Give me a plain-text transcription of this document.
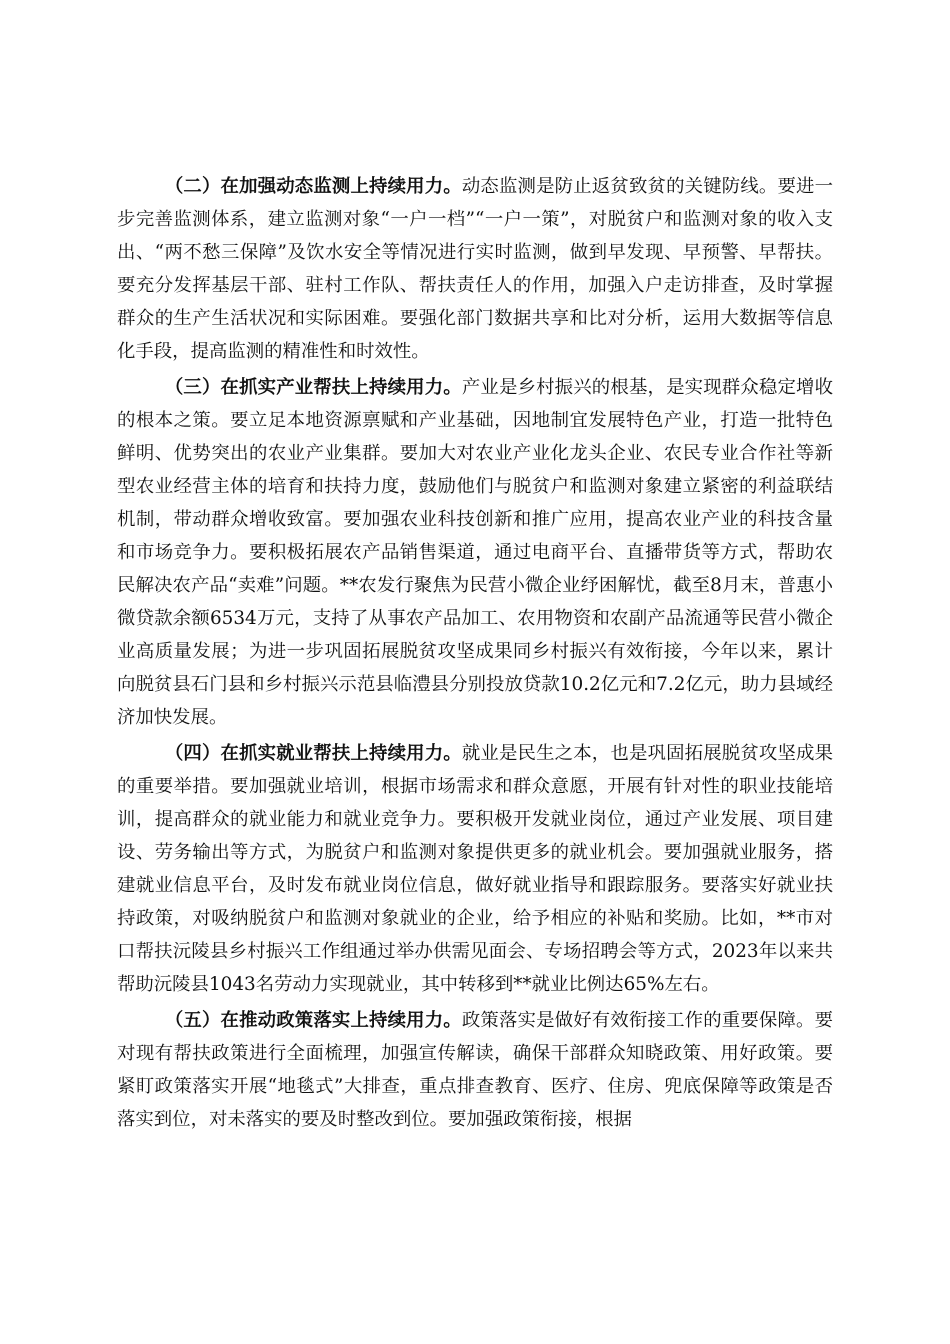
（二）在加强动态监测上持续用力。动态监测是防止返贫致贫的关键防线。要进一步完善监测体系，建立监测对象“一户一档”“一户一策”，对脱贫户和监测对象的收入支出、“两不愁三保障”及饮水安全等情况进行实时监测，做到早发现、早预警、早帮扶。要充分发挥基层干部、驻村工作队、帮扶责任人的作用，加强入户走访排查，及时掌握群众的生产生活状况和实际困难。要强化部门数据共享和比对分析，运用大数据等信息化手段，提高监测的精准性和时效性。

（三）在抓实产业帮扶上持续用力。产业是乡村振兴的根基，是实现群众稳定增收的根本之策。要立足本地资源禀赋和产业基础，因地制宜发展特色产业，打造一批特色鲜明、优势突出的农业产业集群。要加大对农业产业化龙头企业、农民专业合作社等新型农业经营主体的培育和扶持力度，鼓励他们与脱贫户和监测对象建立紧密的利益联结机制，带动群众增收致富。要加强农业科技创新和推广应用，提高农业产业的科技含量和市场竞争力。要积极拓展农产品销售渠道，通过电商平台、直播带货等方式，帮助农民解决农产品“卖难”问题。**农发行聚焦为民营小微企业纾困解忧，截至8月末，普惠小微贷款余额6534万元，支持了从事农产品加工、农用物资和农副产品流通等民营小微企业高质量发展；为进一步巩固拓展脱贫攻坚成果同乡村振兴有效衔接，今年以来，累计向脱贫县石门县和乡村振兴示范县临澧县分别投放贷款10.2亿元和7.2亿元，助力县域经济加快发展。

（四）在抓实就业帮扶上持续用力。就业是民生之本，也是巩固拓展脱贫攻坚成果的重要举措。要加强就业培训，根据市场需求和群众意愿，开展有针对性的职业技能培训，提高群众的就业能力和就业竞争力。要积极开发就业岗位，通过产业发展、项目建设、劳务输出等方式，为脱贫户和监测对象提供更多的就业机会。要加强就业服务，搭建就业信息平台，及时发布就业岗位信息，做好就业指导和跟踪服务。要落实好就业扶持政策，对吸纳脱贫户和监测对象就业的企业，给予相应的补贴和奖励。比如，**市对口帮扶沅陵县乡村振兴工作组通过举办供需见面会、专场招聘会等方式，2023年以来共帮助沅陵县1043名劳动力实现就业，其中转移到**就业比例达65%左右。

（五）在推动政策落实上持续用力。政策落实是做好有效衔接工作的重要保障。要对现有帮扶政策进行全面梳理，加强宣传解读，确保干部群众知晓政策、用好政策。要紧盯政策落实开展“地毯式”大排查，重点排查教育、医疗、住房、兜底保障等政策是否落实到位，对未落实的要及时整改到位。要加强政策衔接，根据
